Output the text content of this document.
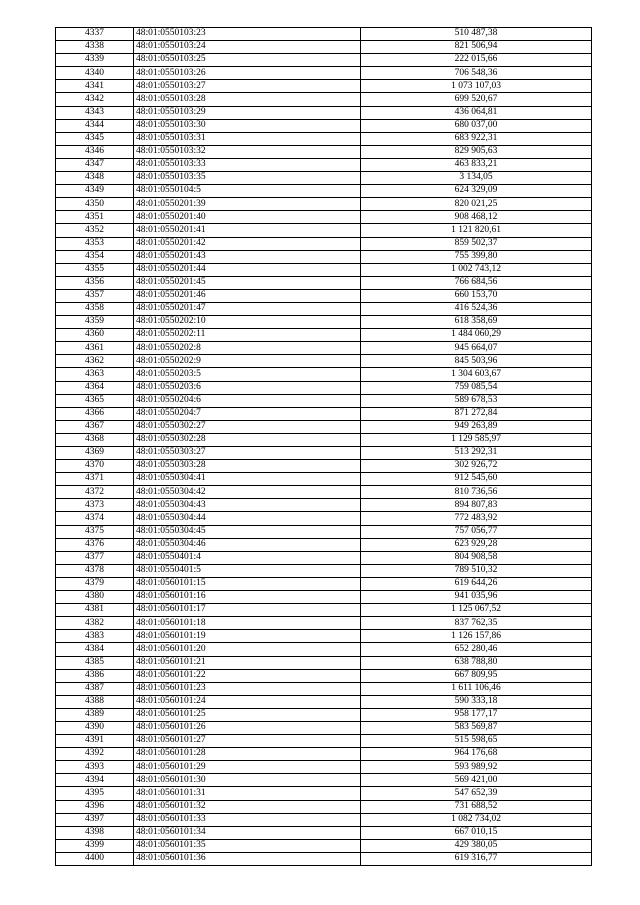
4337	48:01:0550103:23	510 487,38
4338	48:01:0550103:24	821 506,94
4339	48:01:0550103:25	222 015,66
4340	48:01:0550103:26	706 548,36
4341	48:01:0550103:27	1 073 107,03
4342	48:01:0550103:28	699 520,67
4343	48:01:0550103:29	436 064,81
4344	48:01:0550103:30	680 037,00
4345	48:01:0550103:31	683 922,31
4346	48:01:0550103:32	829 905,63
4347	48:01:0550103:33	463 833,21
4348	48:01:0550103:35	3 134,05
4349	48:01:0550104:5	624 329,09
4350	48:01:0550201:39	820 021,25
4351	48:01:0550201:40	908 468,12
4352	48:01:0550201:41	1 121 820,61
4353	48:01:0550201:42	859 502,37
4354	48:01:0550201:43	755 399,80
4355	48:01:0550201:44	1 002 743,12
4356	48:01:0550201:45	766 684,56
4357	48:01:0550201:46	660 153,70
4358	48:01:0550201:47	416 524,36
4359	48:01:0550202:10	618 358,69
4360	48:01:0550202:11	1 484 060,29
4361	48:01:0550202:8	945 664,07
4362	48:01:0550202:9	845 503,96
4363	48:01:0550203:5	1 304 603,67
4364	48:01:0550203:6	759 085,54
4365	48:01:0550204:6	589 678,53
4366	48:01:0550204:7	871 272,84
4367	48:01:0550302:27	949 263,89
4368	48:01:0550302:28	1 129 585,97
4369	48:01:0550303:27	513 292,31
4370	48:01:0550303:28	302 926,72
4371	48:01:0550304:41	912 545,60
4372	48:01:0550304:42	810 736,56
4373	48:01:0550304:43	894 807,83
4374	48:01:0550304:44	772 483,92
4375	48:01:0550304:45	757 056,77
4376	48:01:0550304:46	623 929,28
4377	48:01:0550401:4	804 908,58
4378	48:01:0550401:5	789 510,32
4379	48:01:0560101:15	619 644,26
4380	48:01:0560101:16	941 035,96
4381	48:01:0560101:17	1 125 067,52
4382	48:01:0560101:18	837 762,35
4383	48:01:0560101:19	1 126 157,86
4384	48:01:0560101:20	652 280,46
4385	48:01:0560101:21	638 788,80
4386	48:01:0560101:22	667 809,95
4387	48:01:0560101:23	1 611 106,46
4388	48:01:0560101:24	590 333,18
4389	48:01:0560101:25	958 177,17
4390	48:01:0560101:26	583 569,87
4391	48:01:0560101:27	515 598,65
4392	48:01:0560101:28	964 176,68
4393	48:01:0560101:29	593 989,92
4394	48:01:0560101:30	569 421,00
4395	48:01:0560101:31	547 652,39
4396	48:01:0560101:32	731 688,52
4397	48:01:0560101:33	1 082 734,02
4398	48:01:0560101:34	667 010,15
4399	48:01:0560101:35	429 380,05
4400	48:01:0560101:36	619 316,77
